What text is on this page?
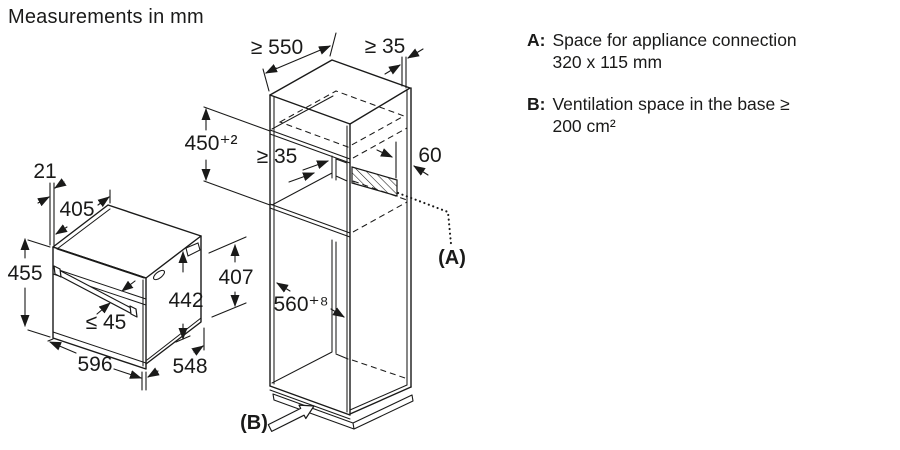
Measurements in mm
A: Space for appliance connection
320 x 115 mm
B: Ventilation space in the base ≥
200 cm²
21
405
455
442
≤ 45
596	548
407
≥ 550	≥ 35
450⁺²
≥ 35	60
560⁺⁸
(A)
(B)
